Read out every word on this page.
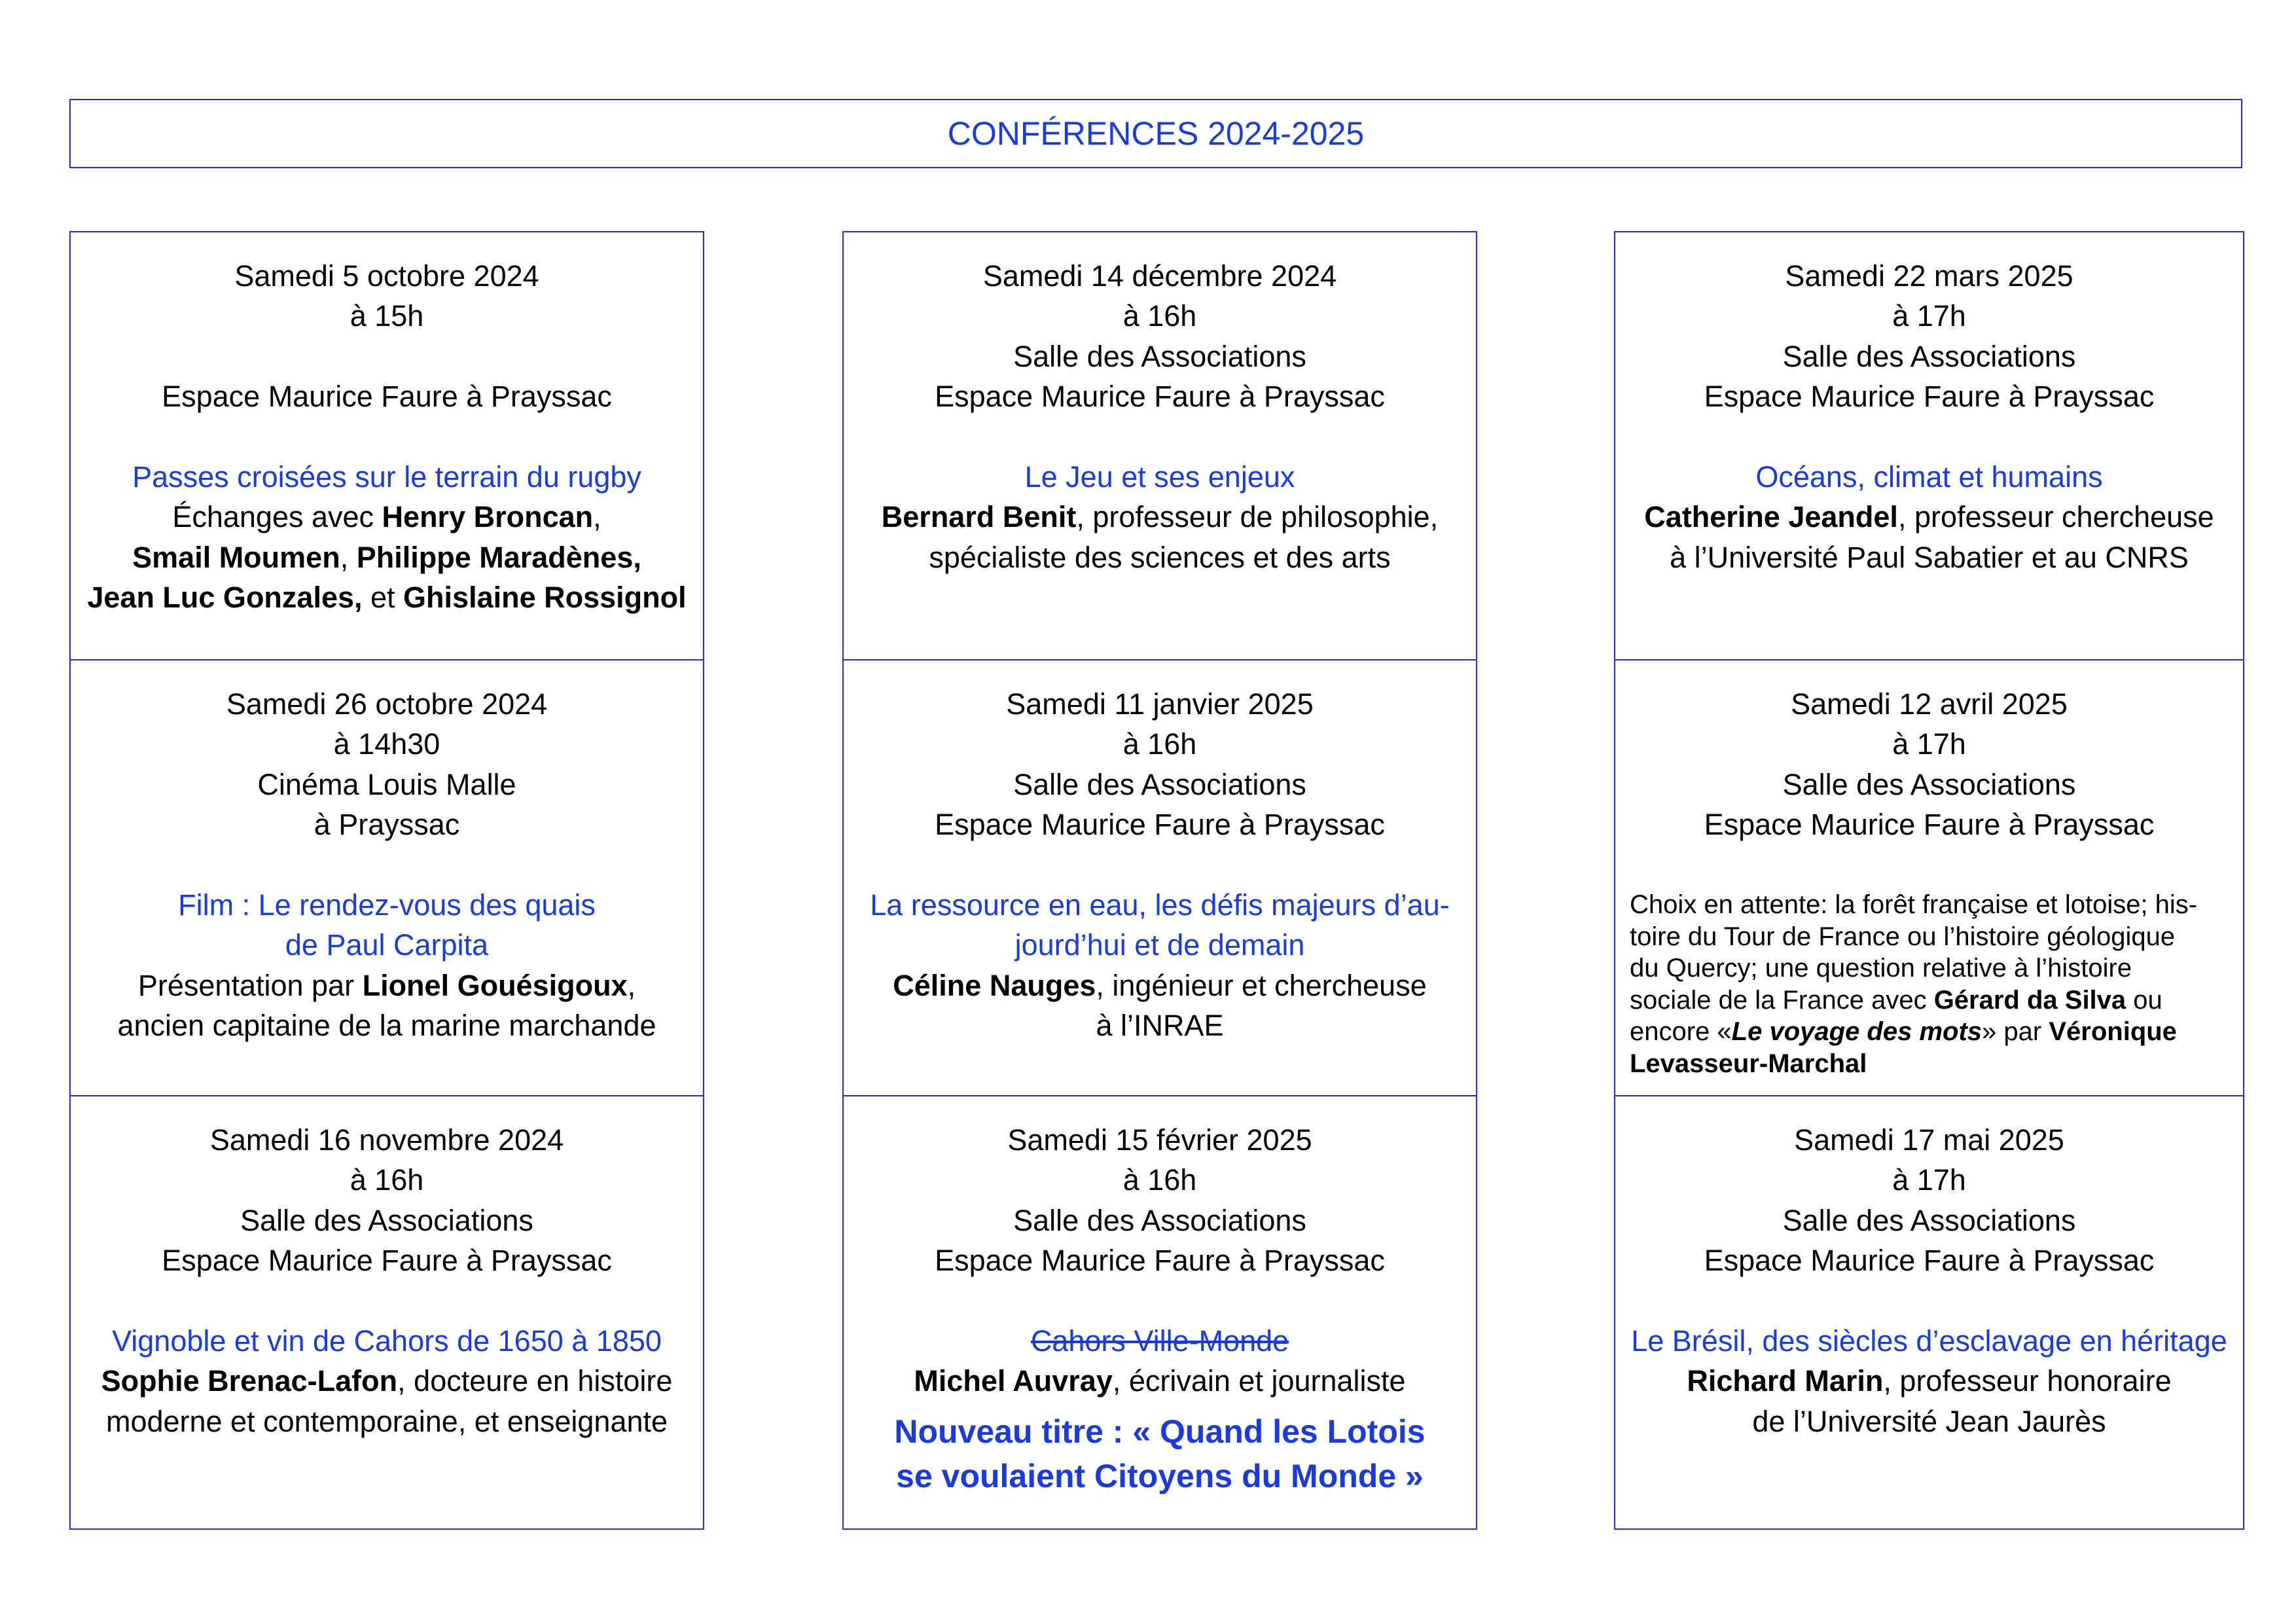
CONFÉRENCES 2024-2025
Samedi 5 octobre 2024
à 15h
Espace Maurice Faure à Prayssac
Passes croisées sur le terrain du rugby
Échanges avec Henry Broncan,
Smail Moumen, Philippe Maradènes,
Jean Luc Gonzales, et Ghislaine Rossignol
Samedi 26 octobre 2024
à 14h30
Cinéma Louis Malle
à Prayssac
Film : Le rendez-vous des quais
de Paul Carpita
Présentation par Lionel Gouésigoux,
ancien capitaine de la marine marchande
Samedi 16 novembre 2024
à 16h
Salle des Associations
Espace Maurice Faure à Prayssac
Vignoble et vin de Cahors de 1650 à 1850
Sophie Brenac-Lafon, docteure en histoire
moderne et contemporaine, et enseignante
Samedi 14 décembre 2024
à 16h
Salle des Associations
Espace Maurice Faure à Prayssac
Le Jeu et ses enjeux
Bernard Benit, professeur de philosophie,
spécialiste des sciences et des arts
Samedi 11 janvier 2025
à 16h
Salle des Associations
Espace Maurice Faure à Prayssac
La ressource en eau, les défis majeurs d’au-
jourd’hui et de demain
Céline Nauges, ingénieur et chercheuse
à l’INRAE
Samedi 15 février 2025
à 16h
Salle des Associations
Espace Maurice Faure à Prayssac
Cahors Ville-Monde
Michel Auvray, écrivain et journaliste
Nouveau titre : « Quand les Lotois
se voulaient Citoyens du Monde »
Samedi 22 mars 2025
à 17h
Salle des Associations
Espace Maurice Faure à Prayssac
Océans, climat et humains
Catherine Jeandel, professeur chercheuse
à l’Université Paul Sabatier et au CNRS
Samedi 12 avril 2025
à 17h
Salle des Associations
Espace Maurice Faure à Prayssac
Choix en attente: la forêt française et lotoise; his-
toire du Tour de France ou l’histoire géologique
du Quercy; une question relative à l’histoire
sociale de la France avec Gérard da Silva ou
encore «Le voyage des mots» par Véronique
Levasseur-Marchal
Samedi 17 mai 2025
à 17h
Salle des Associations
Espace Maurice Faure à Prayssac
Le Brésil, des siècles d’esclavage en héritage
Richard Marin, professeur honoraire
de l’Université Jean Jaurès
